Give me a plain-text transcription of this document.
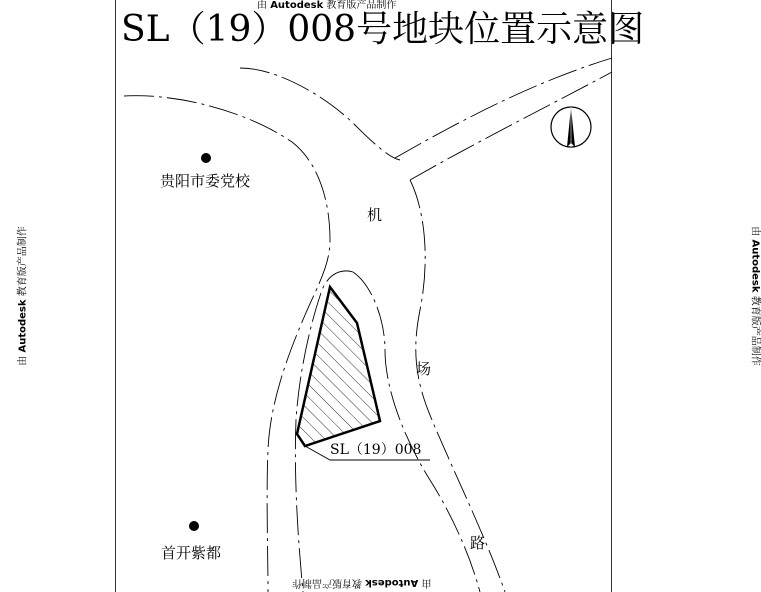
SL（19）008号地块位置示意图
由 Autodesk 教育版产品制作
由 Autodesk 教育版产品制作
由 Autodesk 教育版产品制作	由 Autodesk 教育版产品制作
贵阳市委党校
首开紫都
机
场
路
SL（19）008
